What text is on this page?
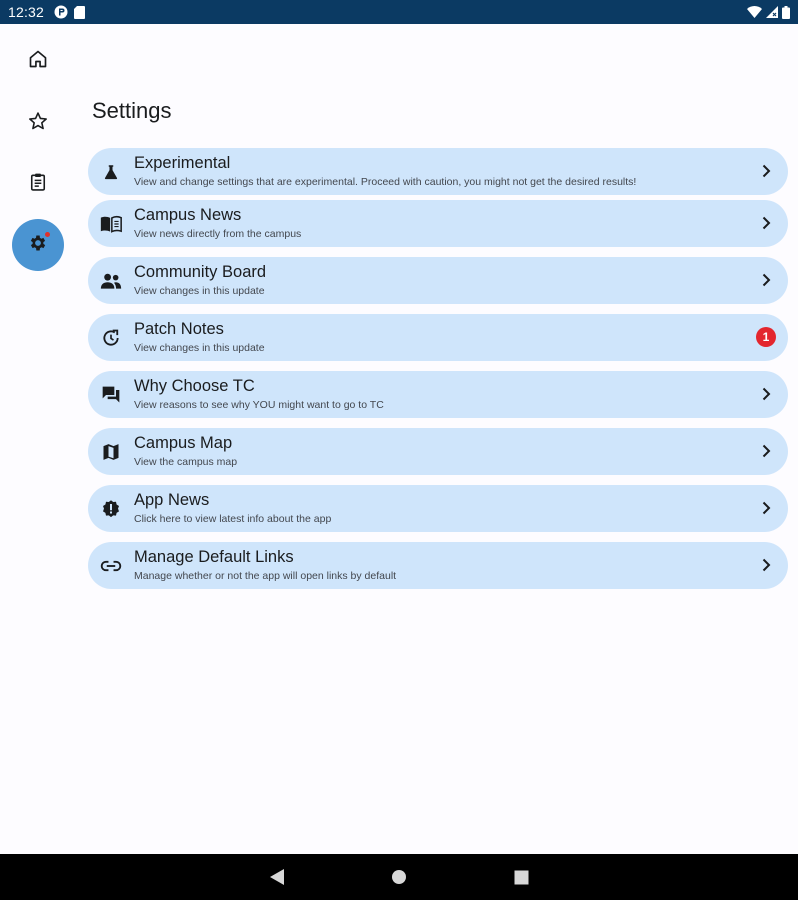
12:32
Settings
Experimental
View and change settings that are experimental. Proceed with caution, you might not get the desired results!
Campus News
View news directly from the campus
Community Board
View changes in this update
Patch Notes
View changes in this update
1
Why Choose TC
View reasons to see why YOU might want to go to TC
Campus Map
View the campus map
App News
Click here to view latest info about the app
Manage Default Links
Manage whether or not the app will open links by default
